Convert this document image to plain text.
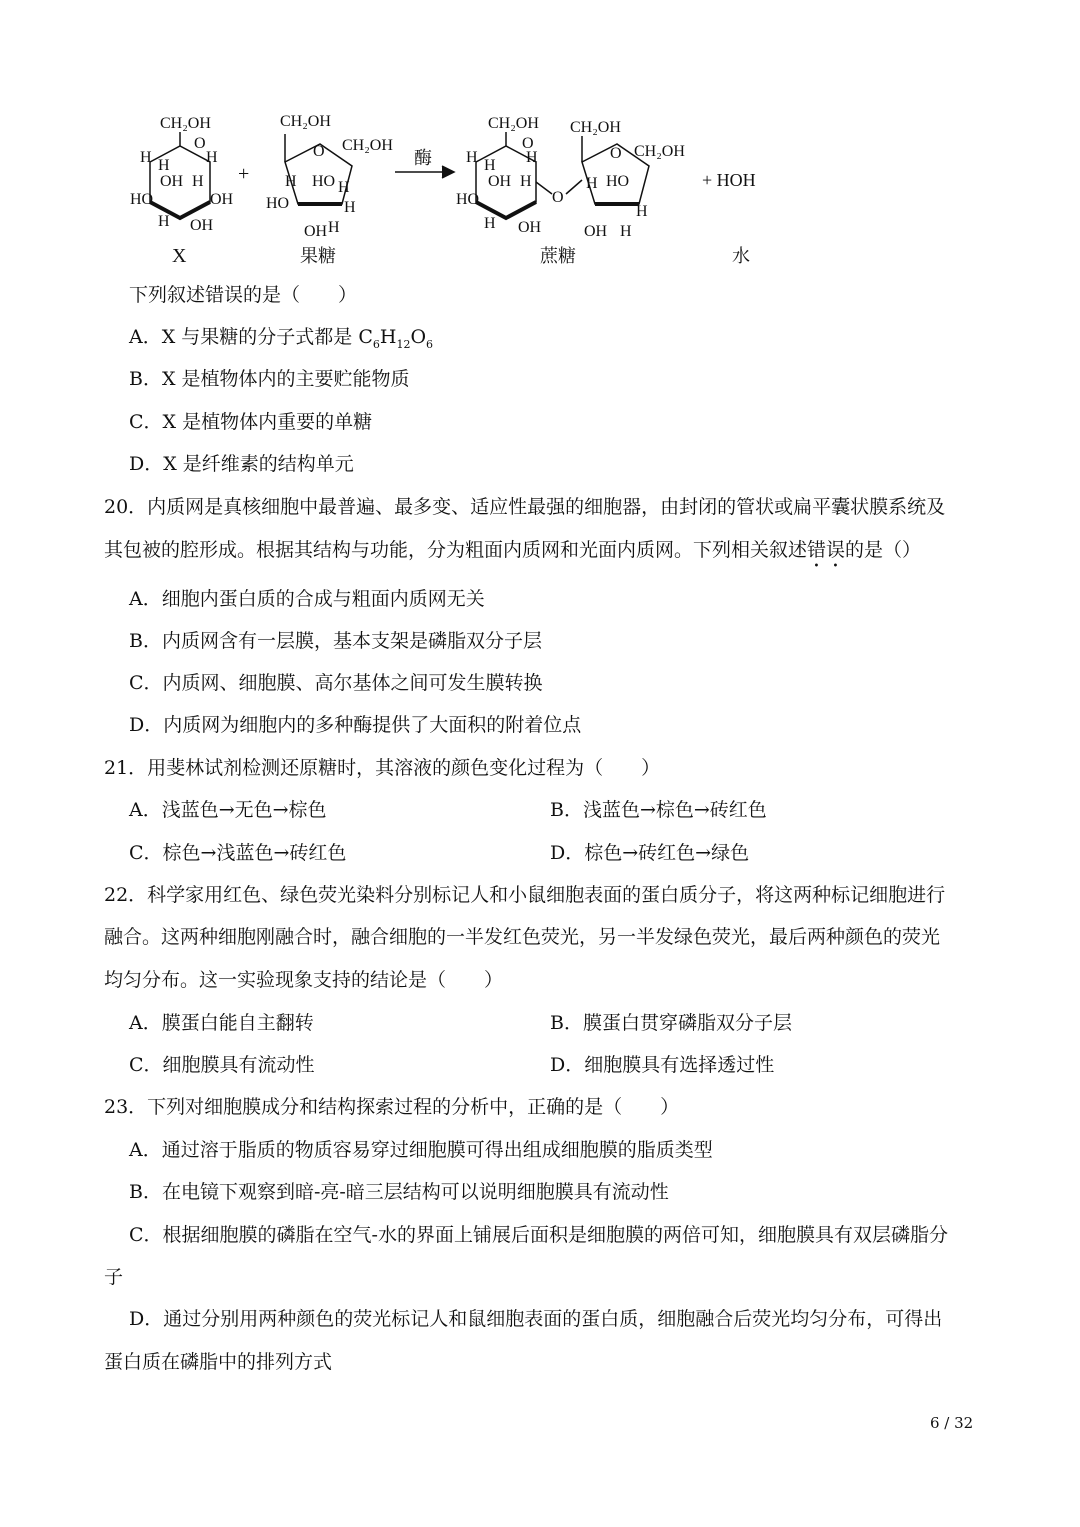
CH₂OH
O
H H H
OH H
OH
HO
H OH
+
CH₂OH
CH₂OH
O
H HO H
HO	H
OH H
酶
CH₂OH
O
H H H
OH H
OH
HO
H
O
CH₂OH
CH₂OH
O
H HO
H
OH H
+ HOH
X	果糖	蔗糖	水
下列叙述错误的是（　　）
A．X 与果糖的分子式都是 $C_6H_{12}O_6$
B．X 是植物体内的主要贮能物质
C．X 是植物体内重要的单糖
D．X 是纤维素的结构单元
20．内质网是真核细胞中最普遍、最多变、适应性最强的细胞器，由封闭的管状或扁平囊状膜系统及
其包被的腔形成。根据其结构与功能，分为粗面内质网和光面内质网。下列相关叙述错误的是（）
A．细胞内蛋白质的合成与粗面内质网无关
B．内质网含有一层膜，基本支架是磷脂双分子层
C．内质网、细胞膜、高尔基体之间可发生膜转换
D．内质网为细胞内的多种酶提供了大面积的附着位点
21．用斐林试剂检测还原糖时，其溶液的颜色变化过程为（　　）
A．浅蓝色→无色→棕色	B．浅蓝色→棕色→砖红色
C．棕色→浅蓝色→砖红色	D．棕色→砖红色→绿色
22．科学家用红色、绿色荧光染料分别标记人和小鼠细胞表面的蛋白质分子，将这两种标记细胞进行
融合。这两种细胞刚融合时，融合细胞的一半发红色荧光，另一半发绿色荧光，最后两种颜色的荧光
均匀分布。这一实验现象支持的结论是（　　）
A．膜蛋白能自主翻转	B．膜蛋白贯穿磷脂双分子层
C．细胞膜具有流动性	D．细胞膜具有选择透过性
23．下列对细胞膜成分和结构探索过程的分析中，正确的是（　　）
A．通过溶于脂质的物质容易穿过细胞膜可得出组成细胞膜的脂质类型
B．在电镜下观察到暗-亮-暗三层结构可以说明细胞膜具有流动性
C．根据细胞膜的磷脂在空气-水的界面上铺展后面积是细胞膜的两倍可知，细胞膜具有双层磷脂分
子
D．通过分别用两种颜色的荧光标记人和鼠细胞表面的蛋白质，细胞融合后荧光均匀分布，可得出
蛋白质在磷脂中的排列方式
6 / 32
